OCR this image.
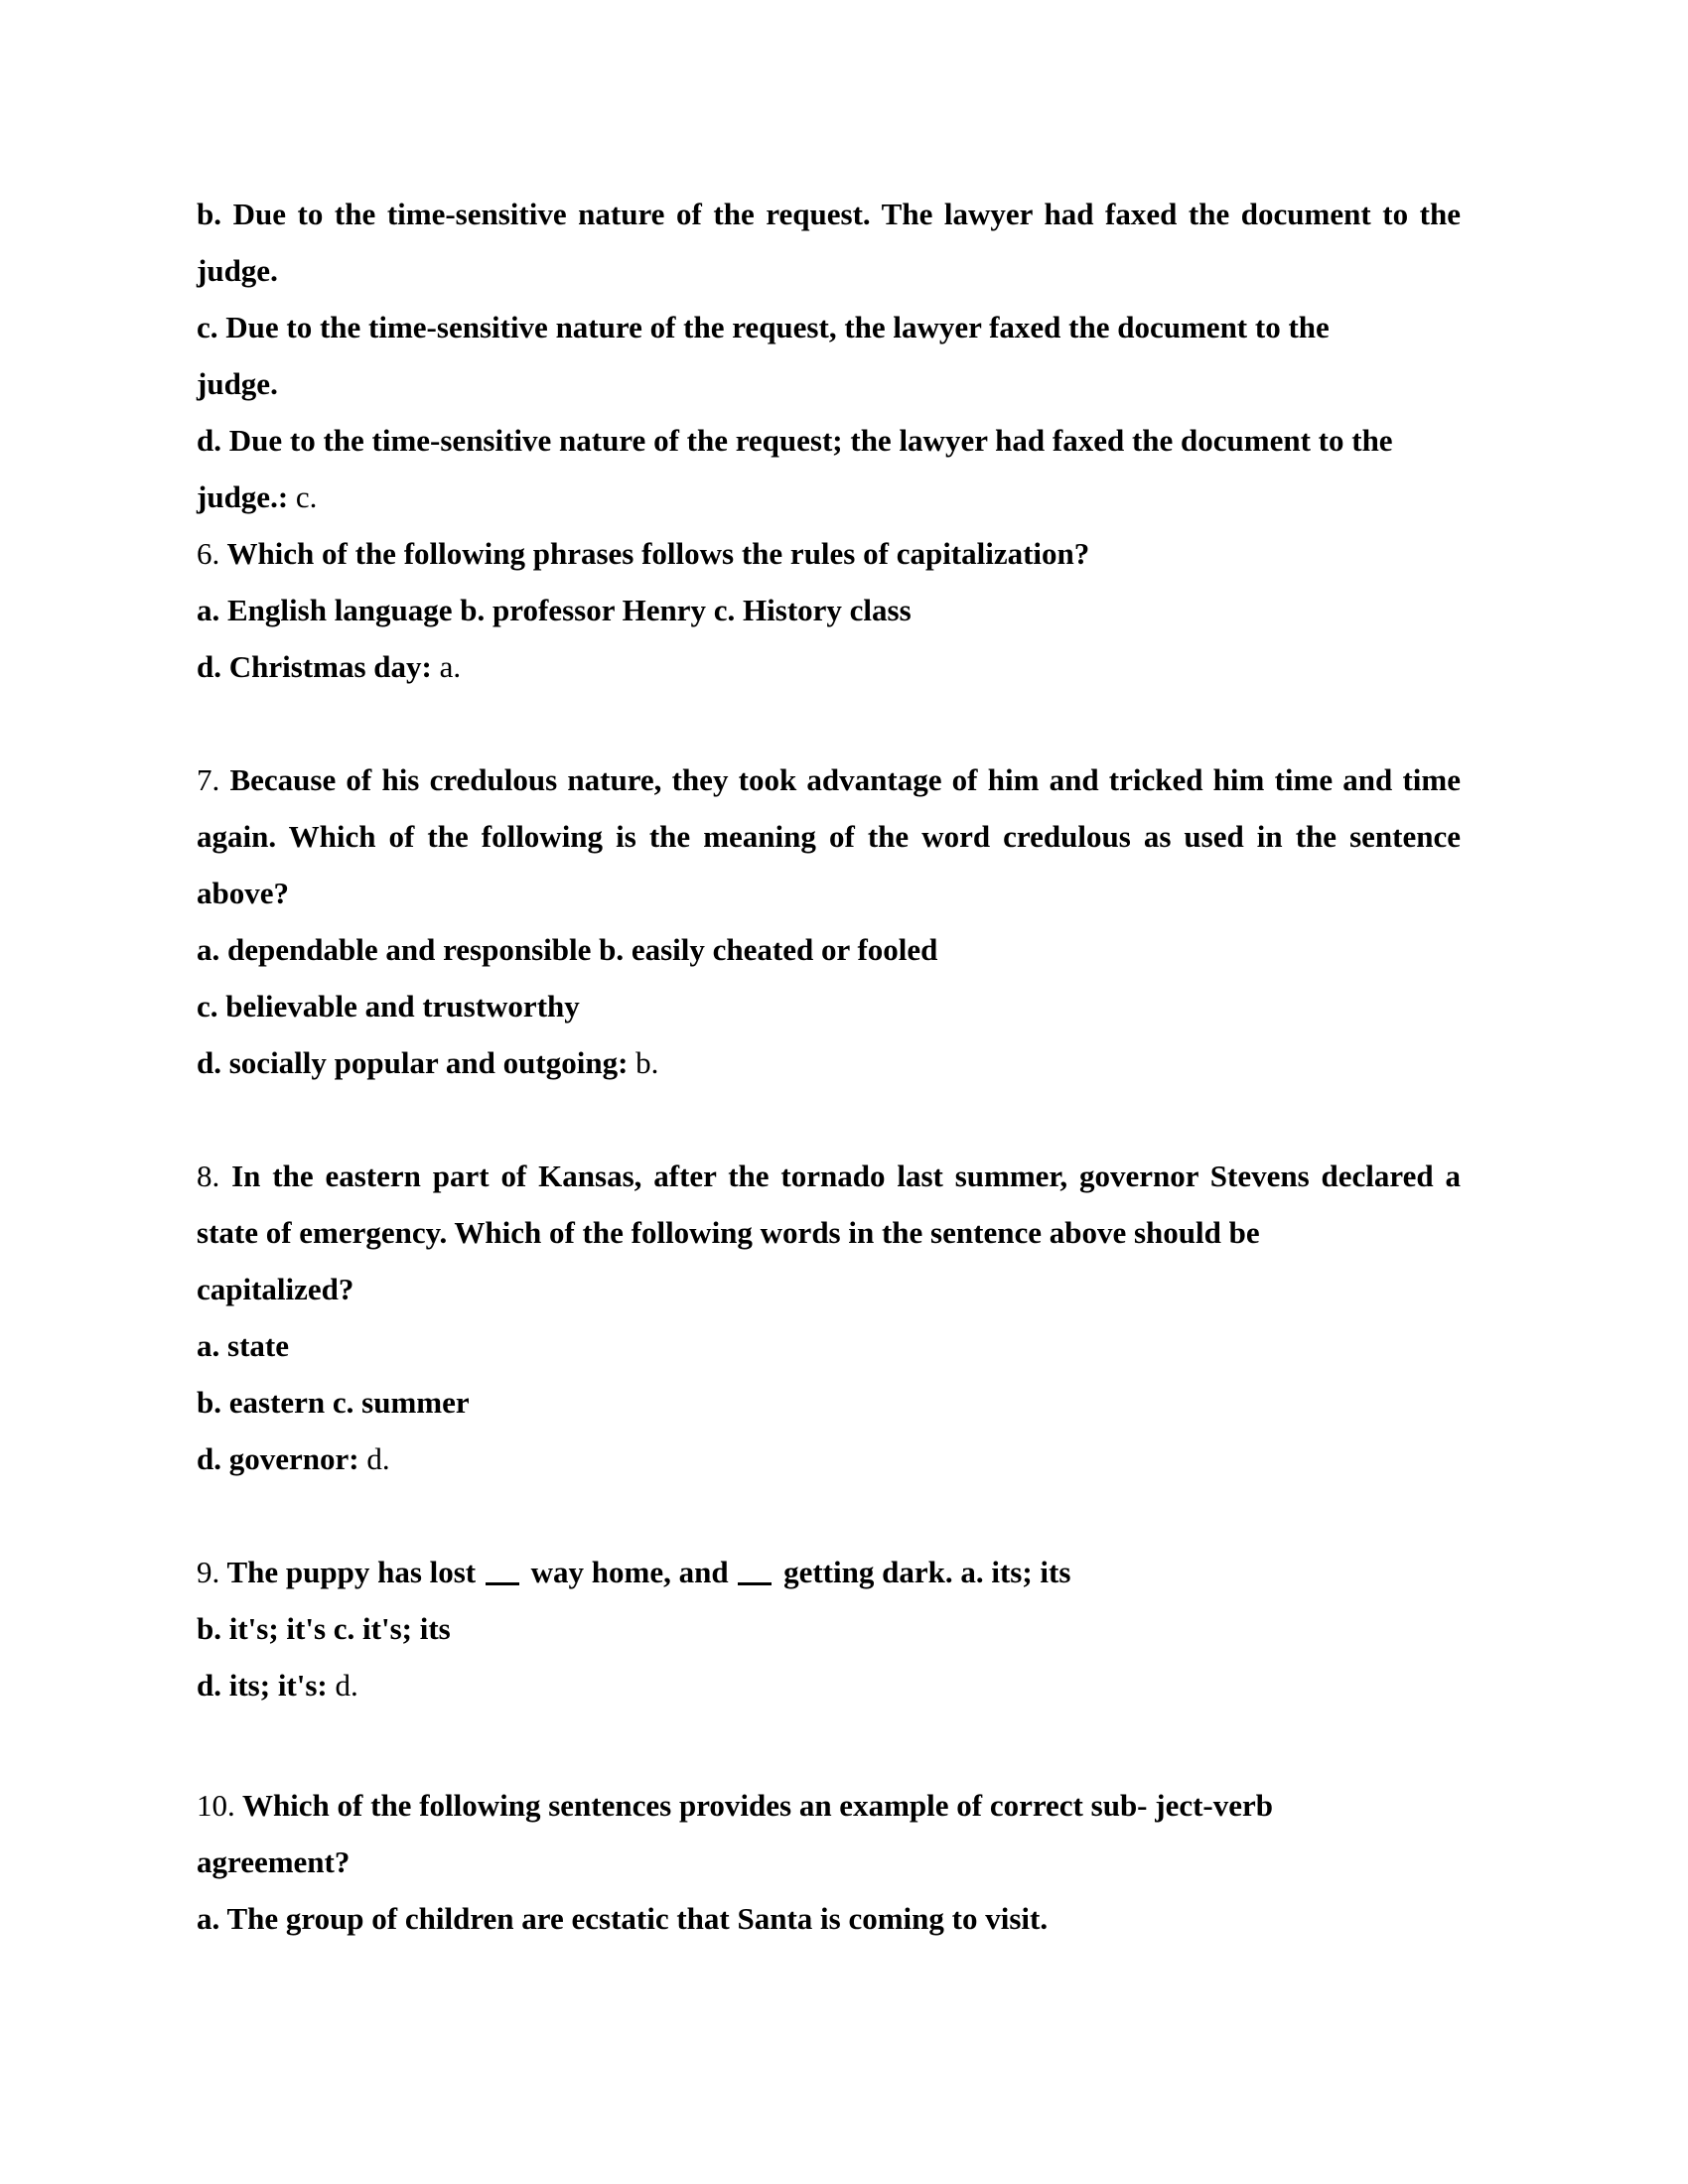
b. Due to the time-sensitive nature of the request. The lawyer had faxed the document to the
judge.
c. Due to the time-sensitive nature of the request, the lawyer faxed the document to the
judge.
d. Due to the time-sensitive nature of the request; the lawyer had faxed the document to the
judge.: c.
6. Which of the following phrases follows the rules of capitalization?
a. English language b. professor Henry c. History class
d. Christmas day: a.
7. Because of his credulous nature, they took advantage of him and tricked him time and time
again. Which of the following is the meaning of the word credulous as used in the sentence
above?
a. dependable and responsible b. easily cheated or fooled
c. believable and trustworthy
d. socially popular and outgoing: b.
8. In the eastern part of Kansas, after the tornado last summer, governor Stevens declared a
state of emergency. Which of the following words in the sentence above should be
capitalized?
a. state
b. eastern c. summer
d. governor: d.
9. The puppy has lost way home, and getting dark. a. its; its
b. it's; it's c. it's; its
d. its; it's: d.
10. Which of the following sentences provides an example of correct sub- ject-verb
agreement?
a. The group of children are ecstatic that Santa is coming to visit.
